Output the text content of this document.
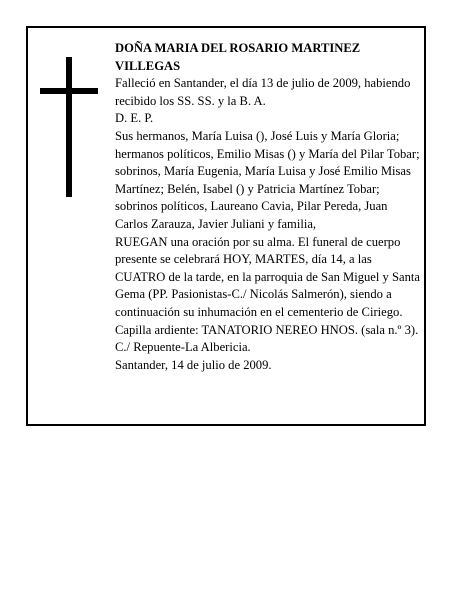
DOÑA MARIA DEL ROSARIO MARTINEZ VILLEGAS

Falleció en Santander, el día 13 de julio de 2009, habiendo recibido los SS. SS. y la B. A.

D. E. P.

Sus hermanos, María Luisa (), José Luis y María Gloria; hermanos políticos, Emilio Misas () y María del Pilar Tobar; sobrinos, María Eugenia, María Luisa y José Emilio Misas Martínez; Belén, Isabel () y Patricia Martínez Tobar; sobrinos políticos, Laureano Cavia, Pilar Pereda, Juan Carlos Zarauza, Javier Juliani y familia,

RUEGAN una oración por su alma. El funeral de cuerpo presente se celebrará HOY, MARTES, día 14, a las CUATRO de la tarde, en la parroquia de San Miguel y Santa Gema (PP. Pasionistas-C./ Nicolás Salmerón), siendo a continuación su inhumación en el cementerio de Ciriego. Capilla ardiente: TANATORIO NEREO HNOS. (sala n.º 3). C./ Repuente-La Albericia.

Santander, 14 de julio de 2009.
